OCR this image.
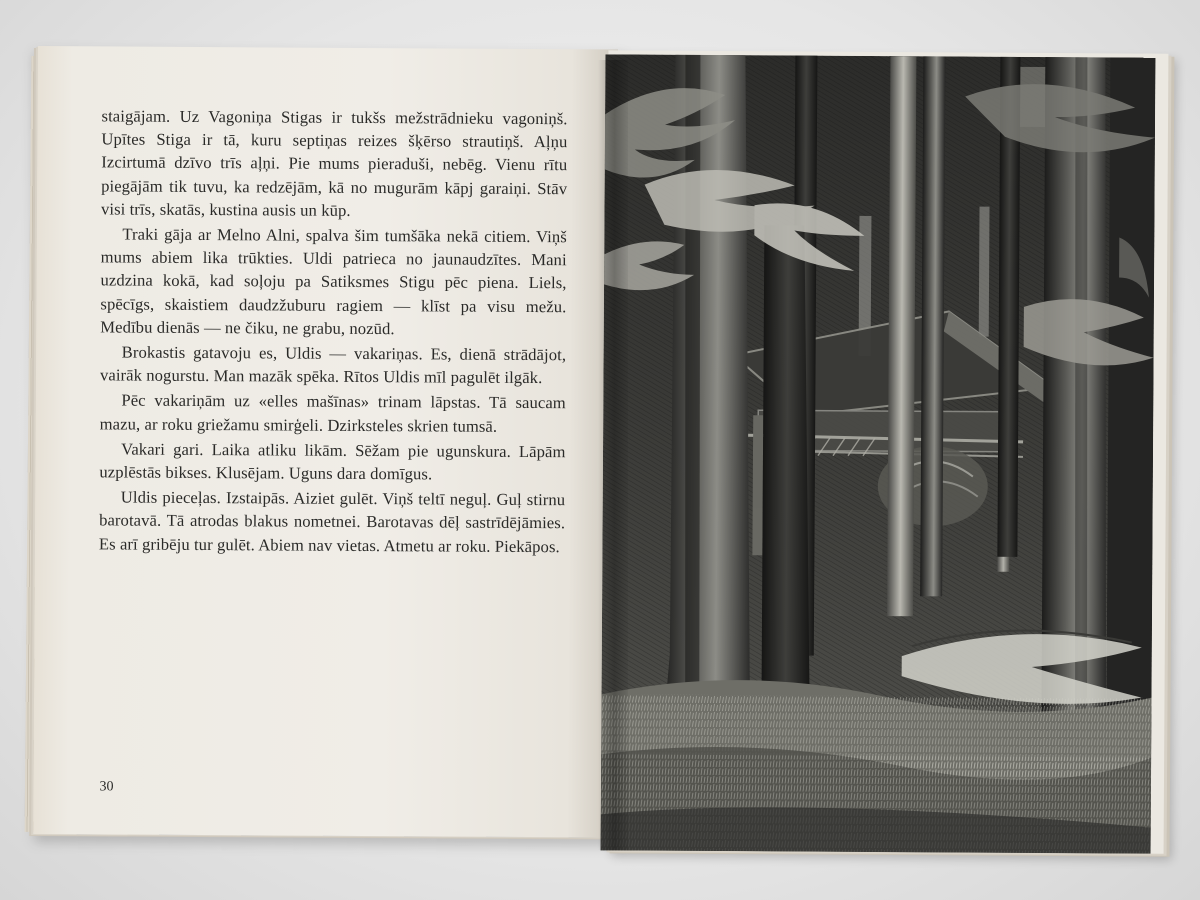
staigājam. Uz Vagoniņa Stigas ir tukšs mežstrādnieku vagoniņš. Upītes Stiga ir tā, kuru septiņas reizes šķērso strautiņš. Aļņu Izcirtumā dzīvo trīs aļņi. Pie mums pieraduši, nebēg. Vienu rītu piegājām tik tuvu, ka redzējām, kā no mugurām kāpj garaiņi. Stāv visi trīs, skatās, kustina ausis un kūp.

Traki gāja ar Melno Alni, spalva šim tumšāka nekā citiem. Viņš mums abiem lika trūkties. Uldi patrieca no jaunaudzītes. Mani uzdzina kokā, kad soļoju pa Satiksmes Stigu pēc piena. Liels, spēcīgs, skaistiem daudzžuburu ragiem — klīst pa visu mežu. Medību dienās — ne čiku, ne grabu, nozūd.

Brokastis gatavoju es, Uldis — vakariņas. Es, dienā strādājot, vairāk nogurstu. Man mazāk spēka. Rītos Uldis mīl pagulēt ilgāk.

Pēc vakariņām uz «elles mašīnas» trinam lāpstas. Tā saucam mazu, ar roku griežamu smirģeli. Dzirksteles skrien tumsā.

Vakari gari. Laika atliku likām. Sēžam pie ugunskura. Lāpām uzplēstās bikses. Klusējam. Uguns dara domīgus.

Uldis pieceļas. Izstaipās. Aiziet gulēt. Viņš teltī neguļ. Guļ stirnu barotavā. Tā atrodas blakus nometnei. Barotavas dēļ sastrīdējāmies. Es arī gribēju tur gulēt. Abiem nav vietas. Atmetu ar roku. Piekāpos.

30
